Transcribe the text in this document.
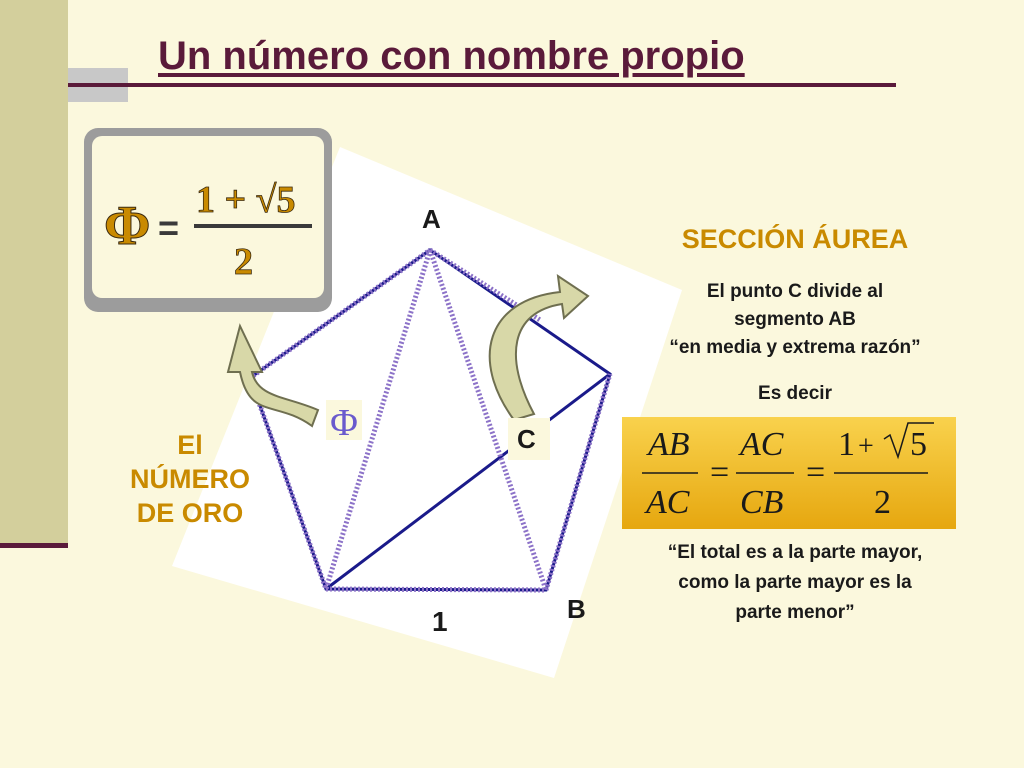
Un número con nombre propio
Φ
Φ =
1 + √5
2
A
C
B
1
El
NÚMERO
DE ORO
SECCIÓN ÁUREA
El punto C divide al
segmento AB
“en media y extrema razón”
Es decir
AB
AC
=
AC
CB
=
1 + 5
2
“El total es a la parte mayor,
como la parte mayor es la
parte menor”
